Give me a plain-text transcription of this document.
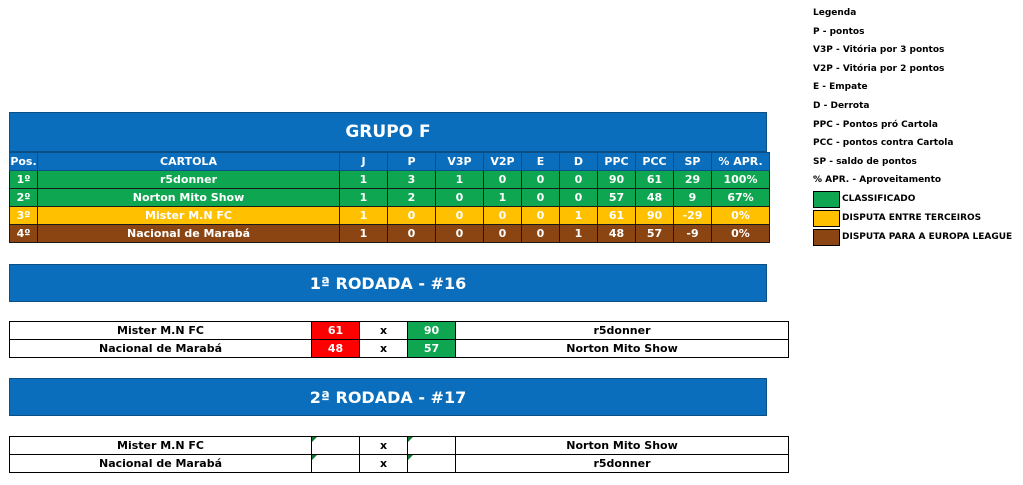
GRUPO F
Pos.	CARTOLA	J	P	V3P	V2P	E	D	PPC	PCC	SP	% APR.
1º	r5donner	1	3	1	0	0	0	90	61	29	100%
2º	Norton Mito Show	1	2	0	1	0	0	57	48	9	67%
3º	Mister M.N FC	1	0	0	0	0	1	61	90	-29	0%
4º	Nacional de Marabá	1	0	0	0	0	1	48	57	-9	0%
1ª RODADA - #16
Mister M.N FC	61	x	90	r5donner
Nacional de Marabá	48	x	57	Norton Mito Show
2ª RODADA - #17
Mister M.N FC		x		Norton Mito Show
Nacional de Marabá		x		r5donner
Legenda
P - pontos
V3P - Vitória por 3 pontos
V2P - Vitória por 2 pontos
E - Empate
D - Derrota
PPC - Pontos pró Cartola
PCC - pontos contra Cartola
SP - saldo de pontos
% APR. - Aproveitamento
CLASSIFICADO
DISPUTA ENTRE TERCEIROS
DISPUTA PARA A EUROPA LEAGUE
